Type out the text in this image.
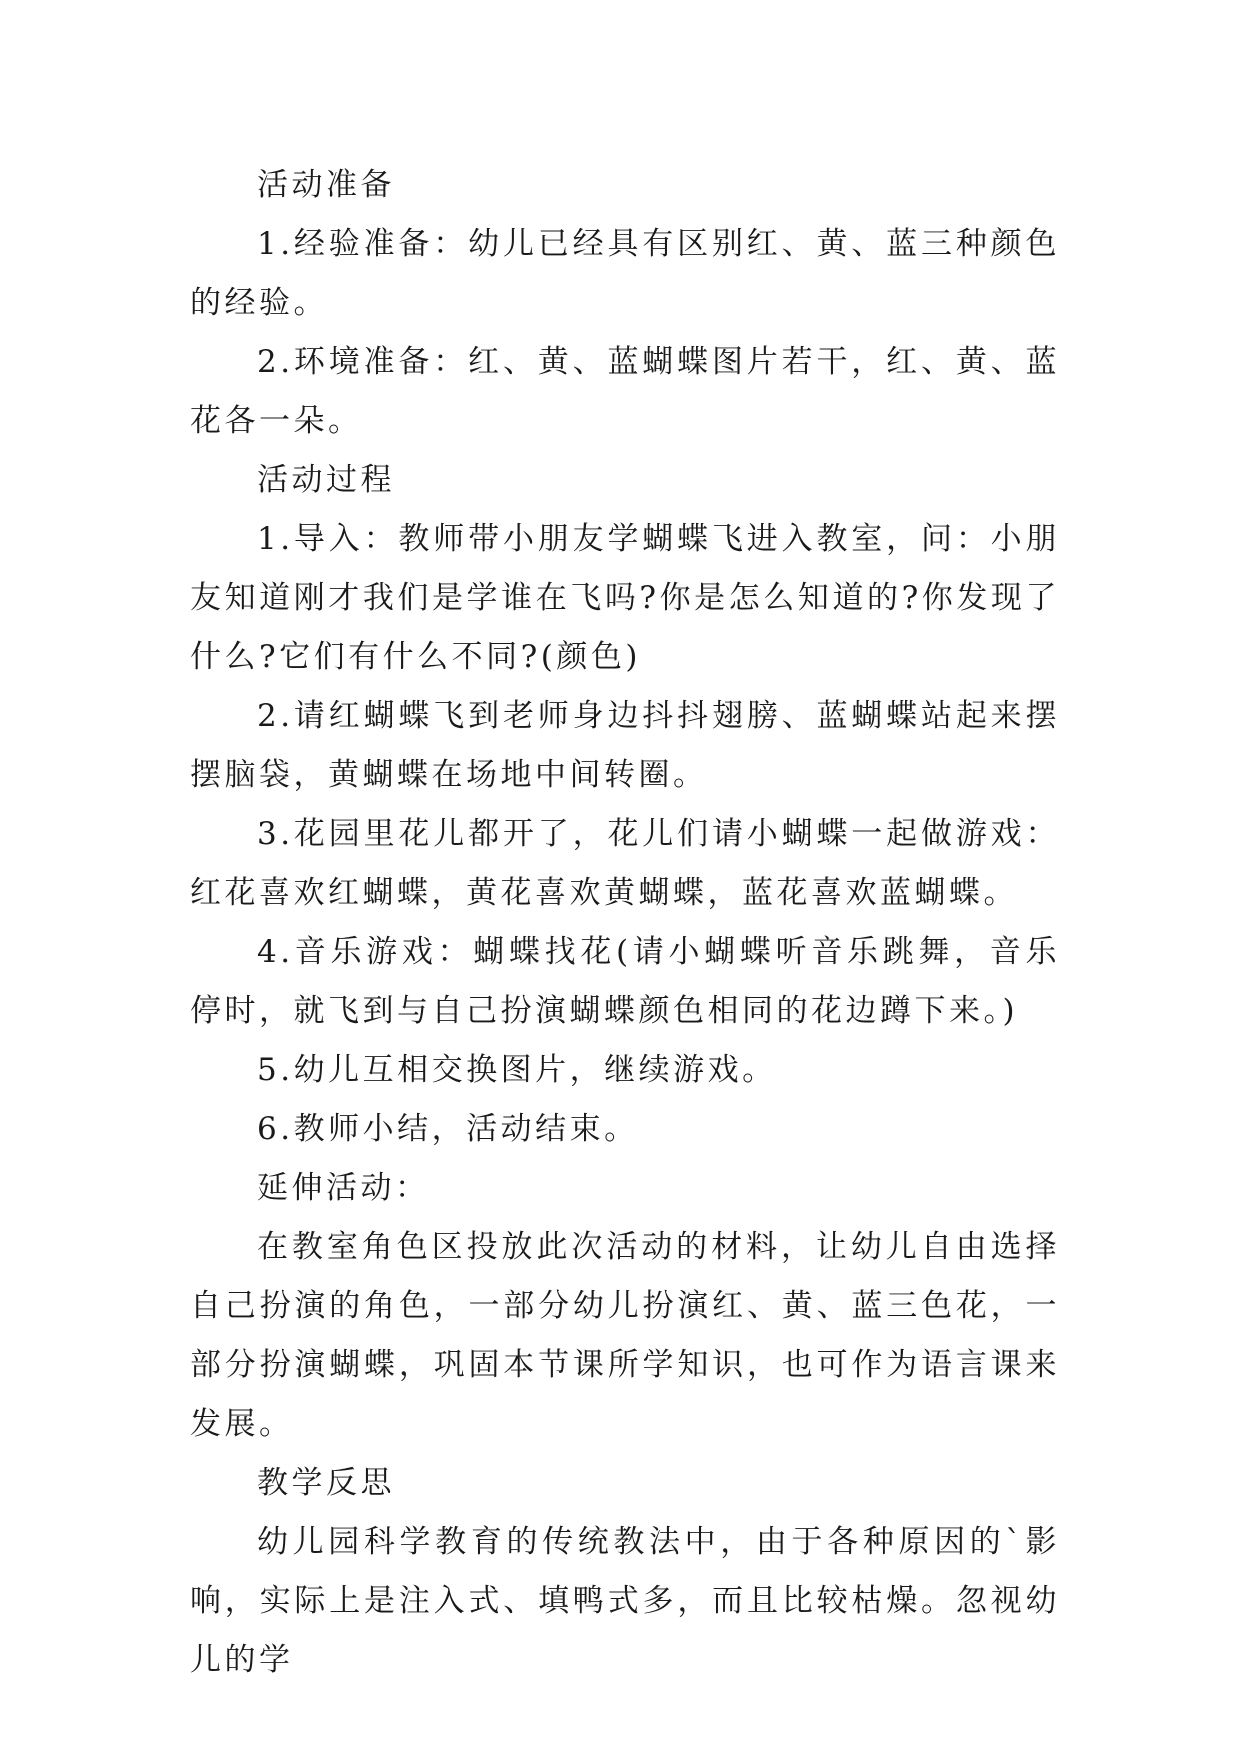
活动准备

1.经验准备：幼儿已经具有区别红、黄、蓝三种颜色的经验。

2.环境准备：红、黄、蓝蝴蝶图片若干，红、黄、蓝花各一朵。

活动过程

1.导入：教师带小朋友学蝴蝶飞进入教室，问：小朋友知道刚才我们是学谁在飞吗?你是怎么知道的?你发现了什么?它们有什么不同?(颜色)

2.请红蝴蝶飞到老师身边抖抖翅膀、蓝蝴蝶站起来摆摆脑袋，黄蝴蝶在场地中间转圈。

3.花园里花儿都开了，花儿们请小蝴蝶一起做游戏：红花喜欢红蝴蝶，黄花喜欢黄蝴蝶，蓝花喜欢蓝蝴蝶。

4.音乐游戏：蝴蝶找花(请小蝴蝶听音乐跳舞，音乐停时，就飞到与自己扮演蝴蝶颜色相同的花边蹲下来。)

5.幼儿互相交换图片，继续游戏。

6.教师小结，活动结束。

延伸活动：

在教室角色区投放此次活动的材料，让幼儿自由选择自己扮演的角色，一部分幼儿扮演红、黄、蓝三色花，一部分扮演蝴蝶，巩固本节课所学知识，也可作为语言课来发展。

教学反思

幼儿园科学教育的传统教法中，由于各种原因的`影响，实际上是注入式、填鸭式多，而且比较枯燥。忽视幼儿的学
